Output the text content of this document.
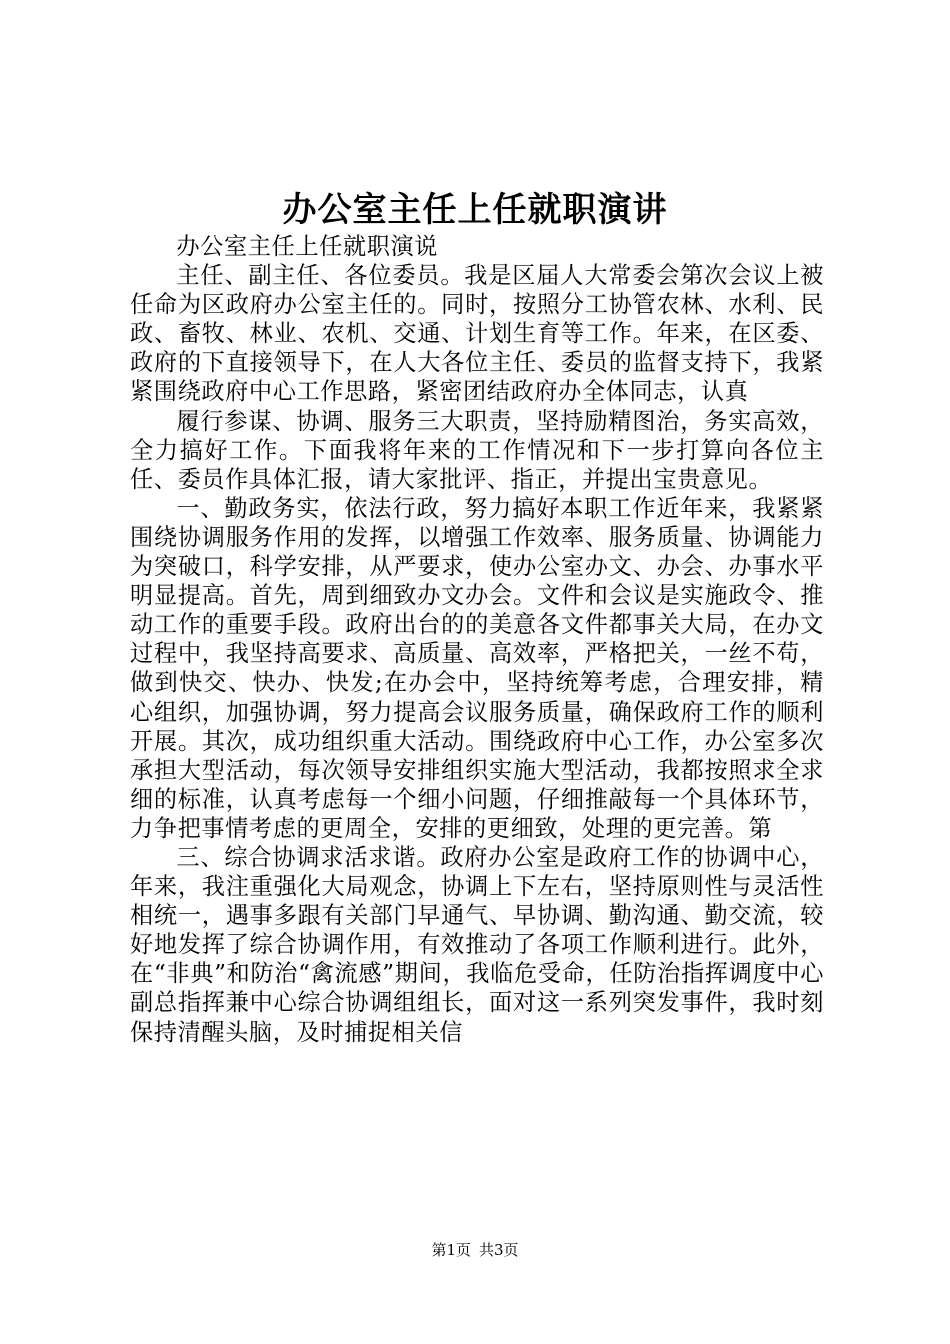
办公室主任上任就职演讲

办公室主任上任就职演说

主任、副主任、各位委员。我是区届人大常委会第次会议上被任命为区政府办公室主任的。同时，按照分工协管农林、水利、民政、畜牧、林业、农机、交通、计划生育等工作。年来，在区委、政府的下直接领导下，在人大各位主任、委员的监督支持下，我紧紧围绕政府中心工作思路，紧密团结政府办全体同志，认真

履行参谋、协调、服务三大职责，坚持励精图治，务实高效，全力搞好工作。下面我将年来的工作情况和下一步打算向各位主任、委员作具体汇报，请大家批评、指正，并提出宝贵意见。

一、勤政务实，依法行政，努力搞好本职工作近年来，我紧紧围绕协调服务作用的发挥，以增强工作效率、服务质量、协调能力为突破口，科学安排，从严要求，使办公室办文、办会、办事水平明显提高。首先，周到细致办文办会。文件和会议是实施政令、推动工作的重要手段。政府出台的的美意各文件都事关大局，在办文过程中，我坚持高要求、高质量、高效率，严格把关，一丝不苟，做到快交、快办、快发;在办会中，坚持统筹考虑，合理安排，精心组织，加强协调，努力提高会议服务质量，确保政府工作的顺利开展。其次，成功组织重大活动。围绕政府中心工作，办公室多次承担大型活动，每次领导安排组织实施大型活动，我都按照求全求细的标准，认真考虑每一个细小问题，仔细推敲每一个具体环节，力争把事情考虑的更周全，安排的更细致，处理的更完善。第

三、综合协调求活求谐。政府办公室是政府工作的协调中心，年来，我注重强化大局观念，协调上下左右，坚持原则性与灵活性相统一，遇事多跟有关部门早通气、早协调、勤沟通、勤交流，较好地发挥了综合协调作用，有效推动了各项工作顺利进行。此外，在“非典”和防治“禽流感”期间，我临危受命，任防治指挥调度中心副总指挥兼中心综合协调组组长，面对这一系列突发事件，我时刻保持清醒头脑，及时捕捉相关信

第1页 共3页
